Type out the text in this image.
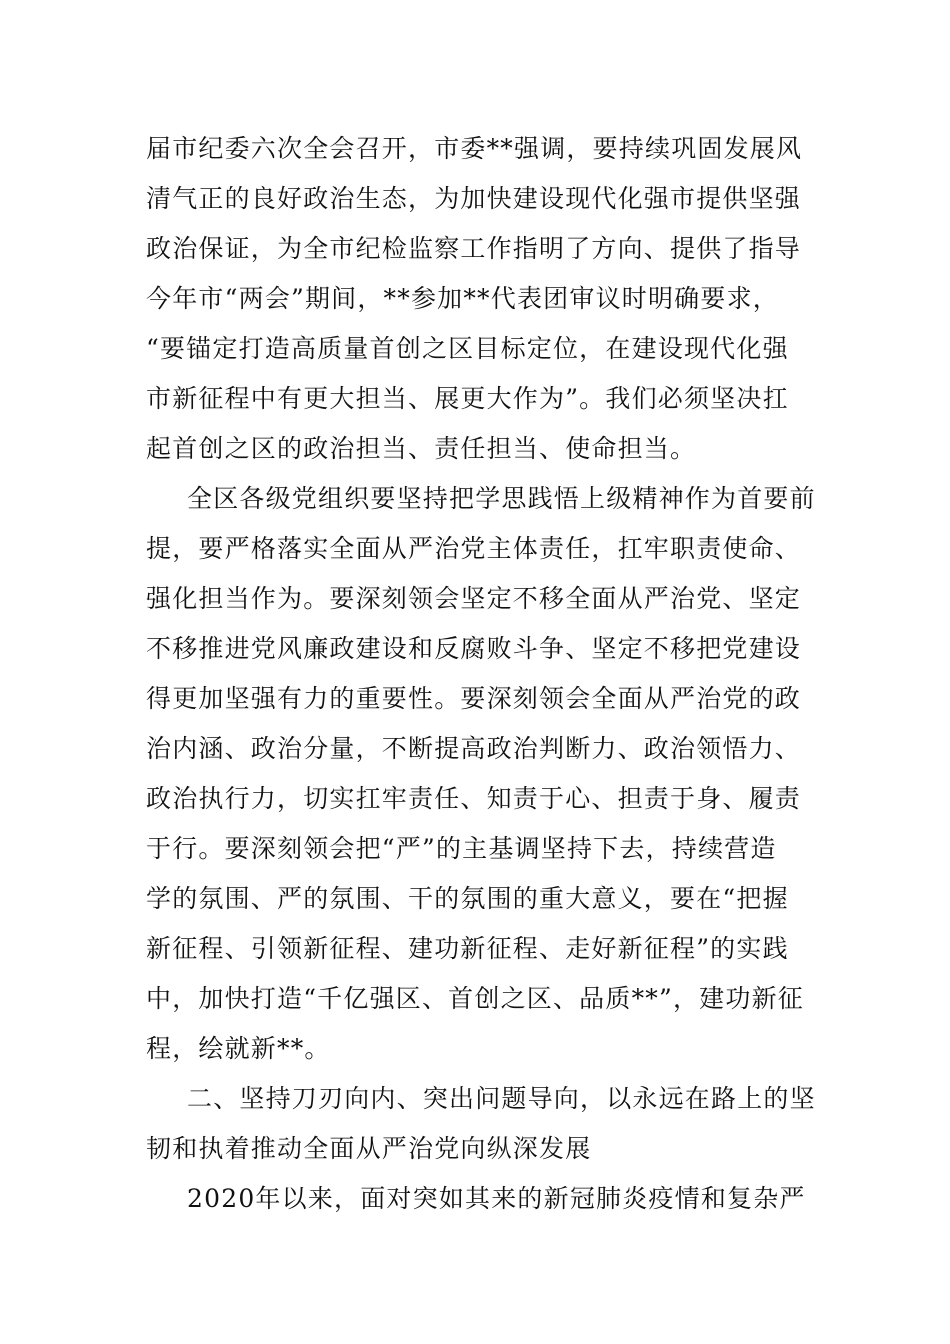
届市纪委六次全会召开，市委**强调，要持续巩固发展风
清气正的良好政治生态，为加快建设现代化强市提供坚强
政治保证，为全市纪检监察工作指明了方向、提供了指导
今年市“两会”期间，**参加**代表团审议时明确要求，
“要锚定打造高质量首创之区目标定位，在建设现代化强
市新征程中有更大担当、展更大作为”。我们必须坚决扛
起首创之区的政治担当、责任担当、使命担当。
全区各级党组织要坚持把学思践悟上级精神作为首要前
提，要严格落实全面从严治党主体责任，扛牢职责使命、
强化担当作为。要深刻领会坚定不移全面从严治党、坚定
不移推进党风廉政建设和反腐败斗争、坚定不移把党建设
得更加坚强有力的重要性。要深刻领会全面从严治党的政
治内涵、政治分量，不断提高政治判断力、政治领悟力、
政治执行力，切实扛牢责任、知责于心、担责于身、履责
于行。要深刻领会把“严”的主基调坚持下去，持续营造
学的氛围、严的氛围、干的氛围的重大意义，要在“把握
新征程、引领新征程、建功新征程、走好新征程”的实践
中，加快打造“千亿强区、首创之区、品质**”，建功新征
程，绘就新**。
二、坚持刀刃向内、突出问题导向，以永远在路上的坚
韧和执着推动全面从严治党向纵深发展
2020年以来，面对突如其来的新冠肺炎疫情和复杂严
